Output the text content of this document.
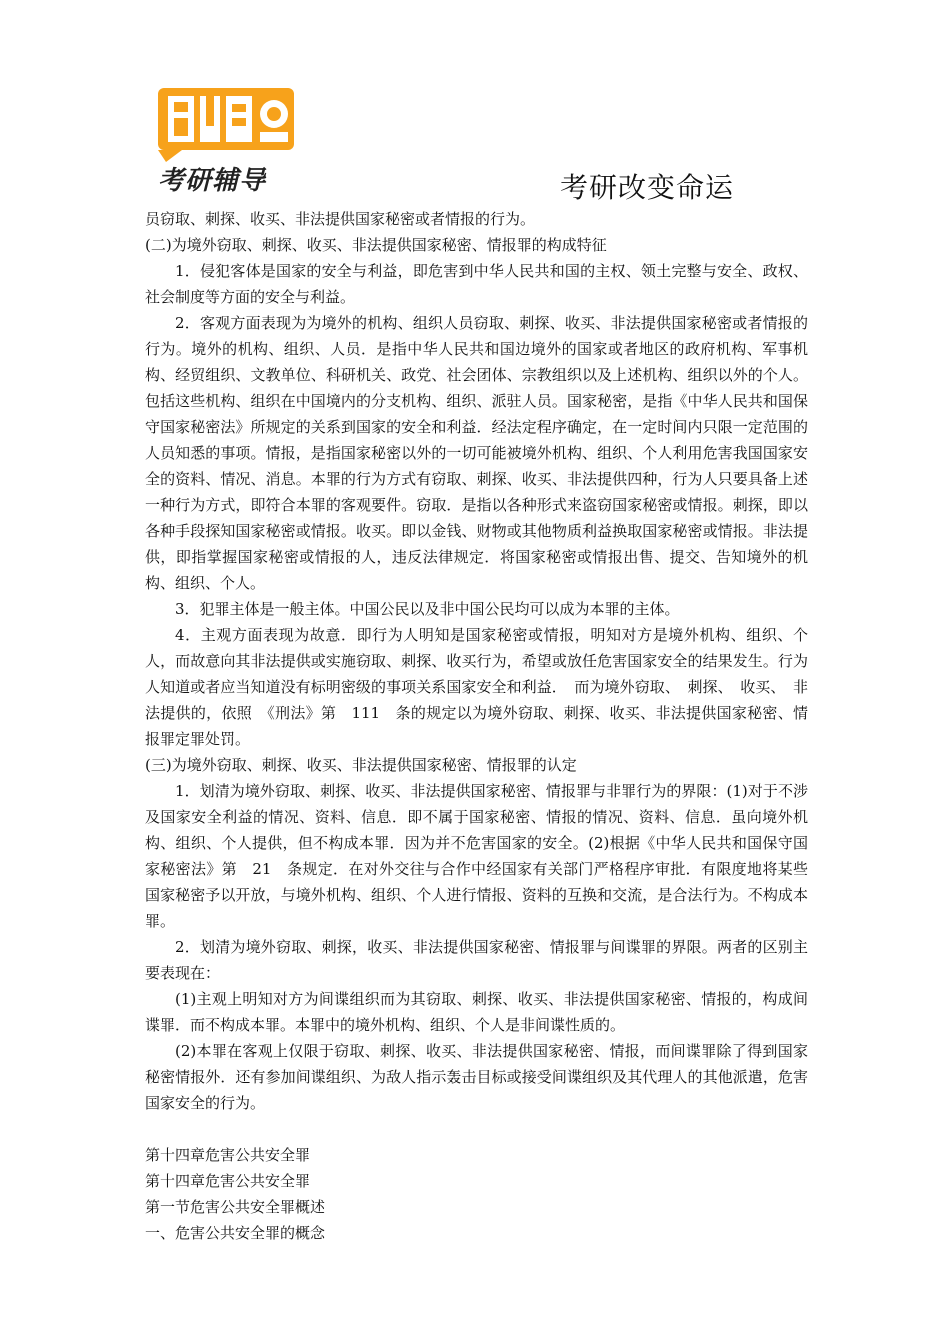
考研辅导	考研改变命运

员窃取、刺探、收买、非法提供国家秘密或者情报的行为。

(二)为境外窃取、刺探、收买、非法提供国家秘密、情报罪的构成特征

1．侵犯客体是国家的安全与利益，即危害到中华人民共和国的主权、领土完整与安全、政权、社会制度等方面的安全与利益。

2．客观方面表现为为境外的机构、组织人员窃取、刺探、收买、非法提供国家秘密或者情报的行为。境外的机构、组织、人员．是指中华人民共和国边境外的国家或者地区的政府机构、军事机构、经贸组织、文教单位、科研机关、政党、社会团体、宗教组织以及上述机构、组织以外的个人。包括这些机构、组织在中国境内的分支机构、组织、派驻人员。国家秘密，是指《中华人民共和国保守国家秘密法》所规定的关系到国家的安全和利益．经法定程序确定，在一定时间内只限一定范围的人员知悉的事项。情报，是指国家秘密以外的一切可能被境外机构、组织、个人利用危害我国国家安全的资料、情况、消息。本罪的行为方式有窃取、刺探、收买、非法提供四种，行为人只要具备上述一种行为方式，即符合本罪的客观要件。窃取．是指以各种形式来盗窃国家秘密或情报。刺探，即以各种手段探知国家秘密或情报。收买。即以金钱、财物或其他物质利益换取国家秘密或情报。非法提供，即指掌握国家秘密或情报的人，违反法律规定．将国家秘密或情报出售、提交、告知境外的机构、组织、个人。

3．犯罪主体是一般主体。中国公民以及非中国公民均可以成为本罪的主体。

4．主观方面表现为故意．即行为人明知是国家秘密或情报，明知对方是境外机构、组织、个人，而故意向其非法提供或实施窃取、刺探、收买行为，希望或放任危害国家安全的结果发生。行为人知道或者应当知道没有标明密级的事项关系国家安全和利益．　而为境外窃取、　刺探、　收买、　非法提供的，依照　《刑法》第　111　条的规定以为境外窃取、刺探、收买、非法提供国家秘密、情报罪定罪处罚。

(三)为境外窃取、刺探、收买、非法提供国家秘密、情报罪的认定

1．划清为境外窃取、刺探、收买、非法提供国家秘密、情报罪与非罪行为的界限：(1)对于不涉及国家安全利益的情况、资料、信息．即不属于国家秘密、情报的情况、资料、信息．虽向境外机构、组织、个人提供，但不构成本罪．因为并不危害国家的安全。(2)根据《中华人民共和国保守国家秘密法》第　21　条规定．在对外交往与合作中经国家有关部门严格程序审批．有限度地将某些国家秘密予以开放，与境外机构、组织、个人进行情报、资料的互换和交流，是合法行为。不构成本罪。

2．划清为境外窃取、刺探，收买、非法提供国家秘密、情报罪与间谍罪的界限。两者的区别主要表现在：

(1)主观上明知对方为间谍组织而为其窃取、刺探、收买、非法提供国家秘密、情报的，构成间谍罪．而不构成本罪。本罪中的境外机构、组织、个人是非间谍性质的。

(2)本罪在客观上仅限于窃取、刺探、收买、非法提供国家秘密、情报，而间谍罪除了得到国家秘密情报外．还有参加间谍组织、为敌人指示轰击目标或接受间谍组织及其代理人的其他派遣，危害国家安全的行为。

第十四章危害公共安全罪

第十四章危害公共安全罪

第一节危害公共安全罪概述

一、危害公共安全罪的概念
